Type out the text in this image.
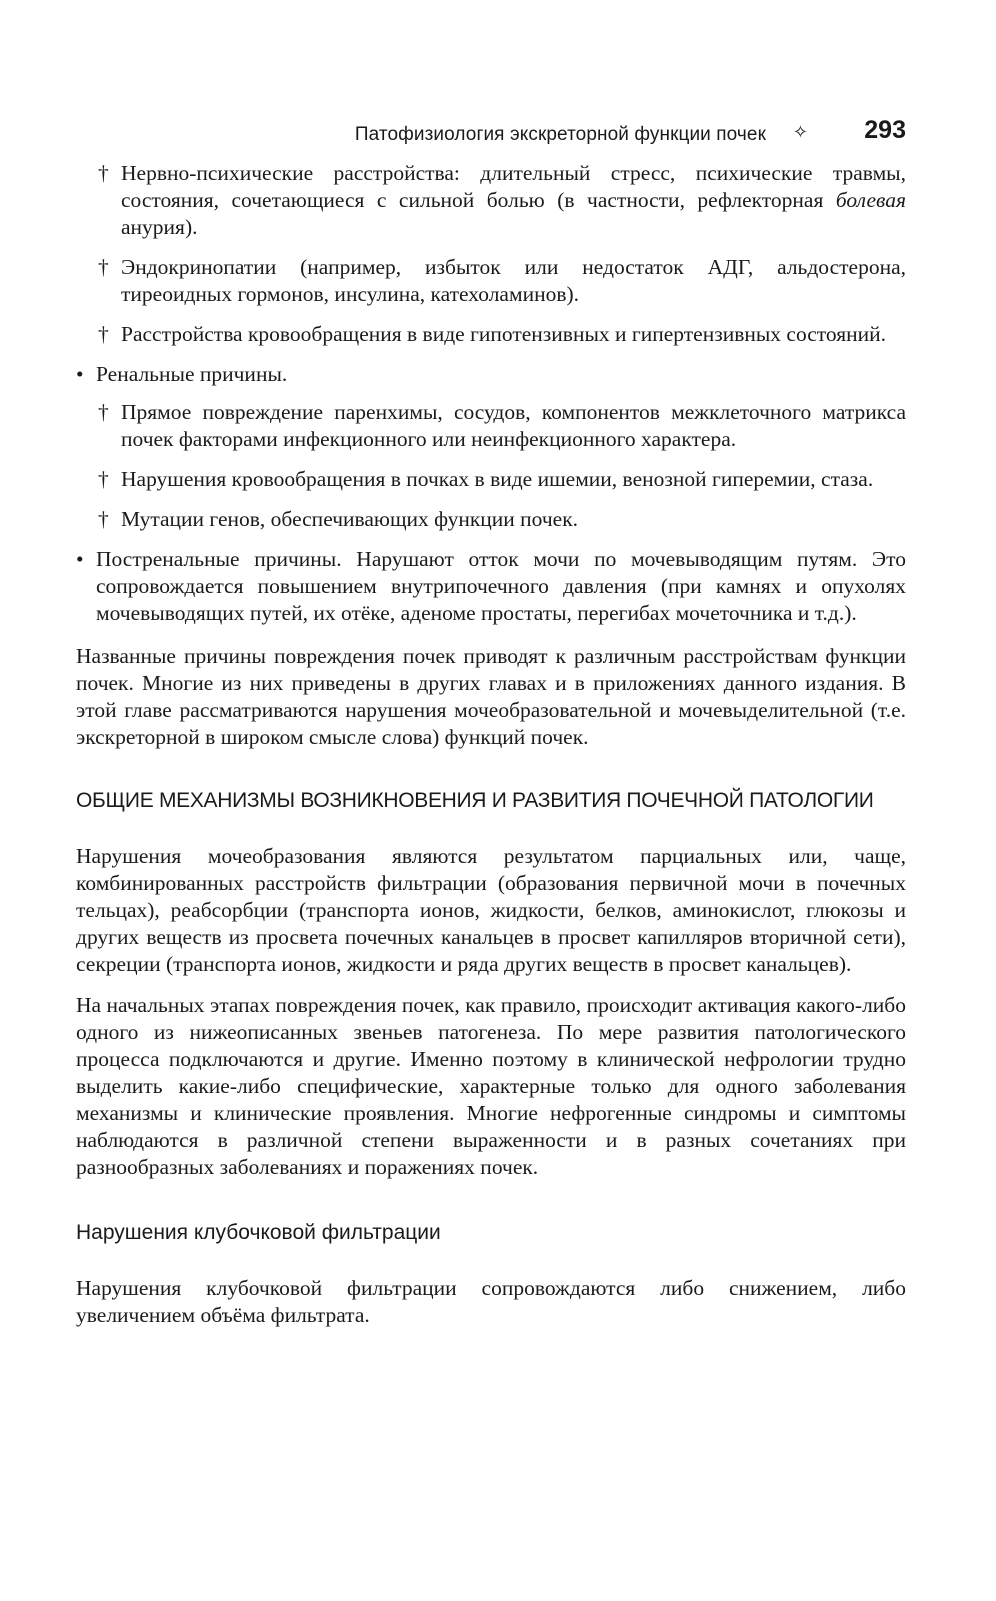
Патофизиология экскреторной функции почек ✧ 293
† Нервно-психические расстройства: длительный стресс, психические травмы, состояния, сочетающиеся с сильной болью (в частности, рефлекторная болевая анурия).
† Эндокринопатии (например, избыток или недостаток АДГ, альдостерона, тиреоидных гормонов, инсулина, катехоламинов).
† Расстройства кровообращения в виде гипотензивных и гипертензивных состояний.
• Ренальные причины.
† Прямое повреждение паренхимы, сосудов, компонентов межклеточного матрикса почек факторами инфекционного или неинфекционного характера.
† Нарушения кровообращения в почках в виде ишемии, венозной гиперемии, стаза.
† Мутации генов, обеспечивающих функции почек.
• Постренальные причины. Нарушают отток мочи по мочевыводящим путям. Это сопровождается повышением внутрипочечного давления (при камнях и опухолях мочевыводящих путей, их отёке, аденоме простаты, перегибах мочеточника и т.д.).

Названные причины повреждения почек приводят к различным расстройствам функции почек. Многие из них приведены в других главах и в приложениях данного издания. В этой главе рассматриваются нарушения мочеобразовательной и мочевыделительной (т.е. экскреторной в широком смысле слова) функций почек.

ОБЩИЕ МЕХАНИЗМЫ ВОЗНИКНОВЕНИЯ И РАЗВИТИЯ ПОЧЕЧНОЙ ПАТОЛОГИИ

Нарушения мочеобразования являются результатом парциальных или, чаще, комбинированных расстройств фильтрации (образования первичной мочи в почечных тельцах), реабсорбции (транспорта ионов, жидкости, белков, аминокислот, глюкозы и других веществ из просвета почечных канальцев в просвет капилляров вторичной сети), секреции (транспорта ионов, жидкости и ряда других веществ в просвет канальцев).

На начальных этапах повреждения почек, как правило, происходит активация какого-либо одного из нижеописанных звеньев патогенеза. По мере развития патологического процесса подключаются и другие. Именно поэтому в клинической нефрологии трудно выделить какие-либо специфические, характерные только для одного заболевания механизмы и клинические проявления. Многие нефрогенные синдромы и симптомы наблюдаются в различной степени выраженности и в разных сочетаниях при разнообразных заболеваниях и поражениях почек.

Нарушения клубочковой фильтрации

Нарушения клубочковой фильтрации сопровождаются либо снижением, либо увеличением объёма фильтрата.
